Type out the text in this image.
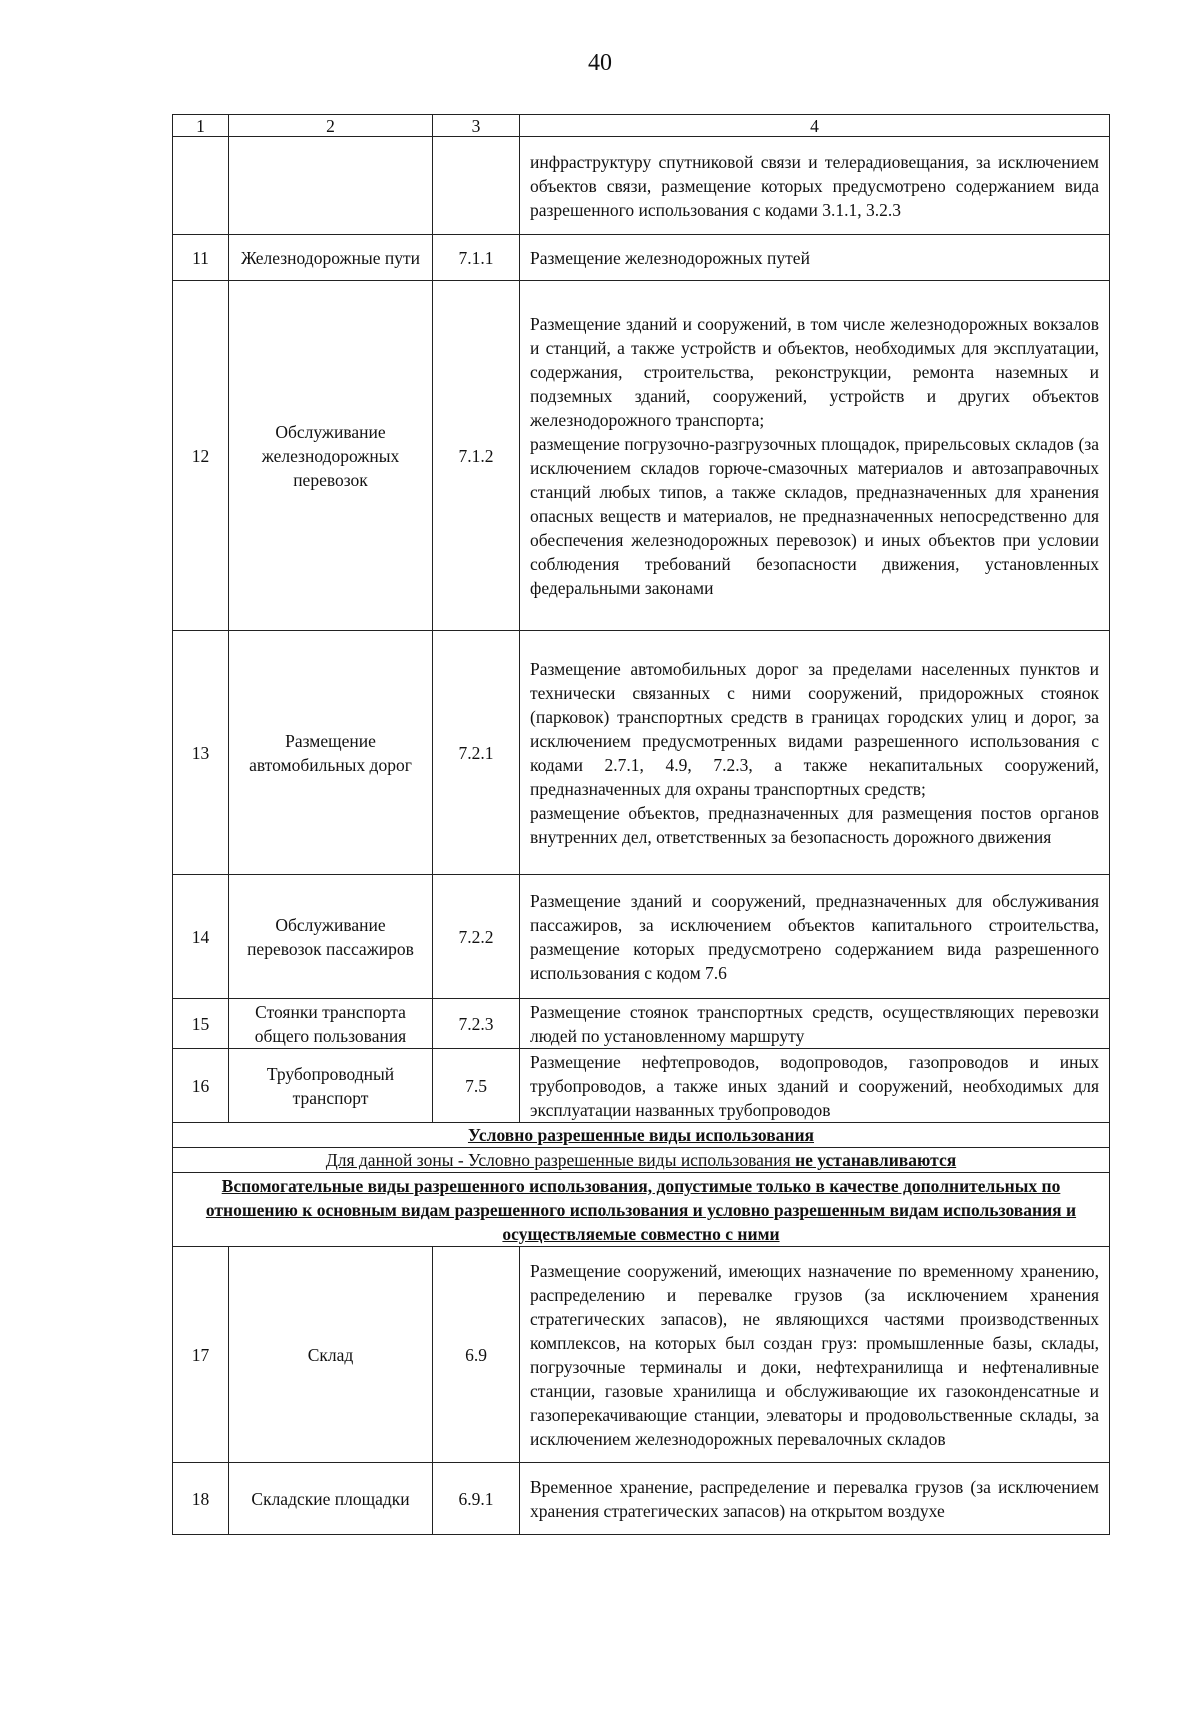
40
1	2	3	4
			инфраструктуру спутниковой связи и телерадиовещания, за исключением объектов связи, размещение которых предусмотрено содержанием вида разрешенного использования с кодами 3.1.1, 3.2.3
11	Железнодорожные пути	7.1.1	Размещение железнодорожных путей
12	Обслуживание железнодорожных перевозок	7.1.2	Размещение зданий и сооружений, в том числе железнодорожных вокзалов и станций, а также устройств и объектов, необходимых для эксплуатации, содержания, строительства, реконструкции, ремонта наземных и подземных зданий, сооружений, устройств и других объектов железнодорожного транспорта;
размещение погрузочно-разгрузочных площадок, прирельсовых складов (за исключением складов горюче-смазочных материалов и автозаправочных станций любых типов, а также складов, предназначенных для хранения опасных веществ и материалов, не предназначенных непосредственно для обеспечения железнодорожных перевозок) и иных объектов при условии соблюдения требований безопасности движения, установленных федеральными законами

13	Размещение автомобильных дорог	7.2.1	Размещение автомобильных дорог за пределами населенных пунктов и технически связанных с ними сооружений, придорожных стоянок (парковок) транспортных средств в границах городских улиц и дорог, за исключением предусмотренных видами разрешенного использования с кодами 2.7.1, 4.9, 7.2.3, а также некапитальных сооружений, предназначенных для охраны транспортных средств;
размещение объектов, предназначенных для размещения постов органов внутренних дел, ответственных за безопасность дорожного движения

14	Обслуживание перевозок пассажиров	7.2.2	Размещение зданий и сооружений, предназначенных для обслуживания пассажиров, за исключением объектов капитального строительства, размещение которых предусмотрено содержанием вида разрешенного использования с кодом 7.6
15	Стоянки транспорта общего пользования	7.2.3	Размещение стоянок транспортных средств, осуществляющих перевозки людей по установленному маршруту
16	Трубопроводный транспорт	7.5	Размещение нефтепроводов, водопроводов, газопроводов и иных трубопроводов, а также иных зданий и сооружений, необходимых для эксплуатации названных трубопроводов
Условно разрешенные виды использования			
Для данной зоны - Условно разрешенные виды использования не устанавливаются			
Вспомогательные виды разрешенного использования, допустимые только в качестве дополнительных по отношению к основным видам разрешенного использования и условно разрешенным видам использования и осуществляемые совместно с ними			
17	Склад	6.9	Размещение сооружений, имеющих назначение по временному хранению, распределению и перевалке грузов (за исключением хранения стратегических запасов), не являющихся частями производственных комплексов, на которых был создан груз: промышленные базы, склады, погрузочные терминалы и доки, нефтехранилища и нефтеналивные станции, газовые хранилища и обслуживающие их газоконденсатные и газоперекачивающие станции, элеваторы и продовольственные склады, за исключением железнодорожных перевалочных складов
18	Складские площадки	6.9.1	Временное хранение, распределение и перевалка грузов (за исключением хранения стратегических запасов) на открытом воздухе
